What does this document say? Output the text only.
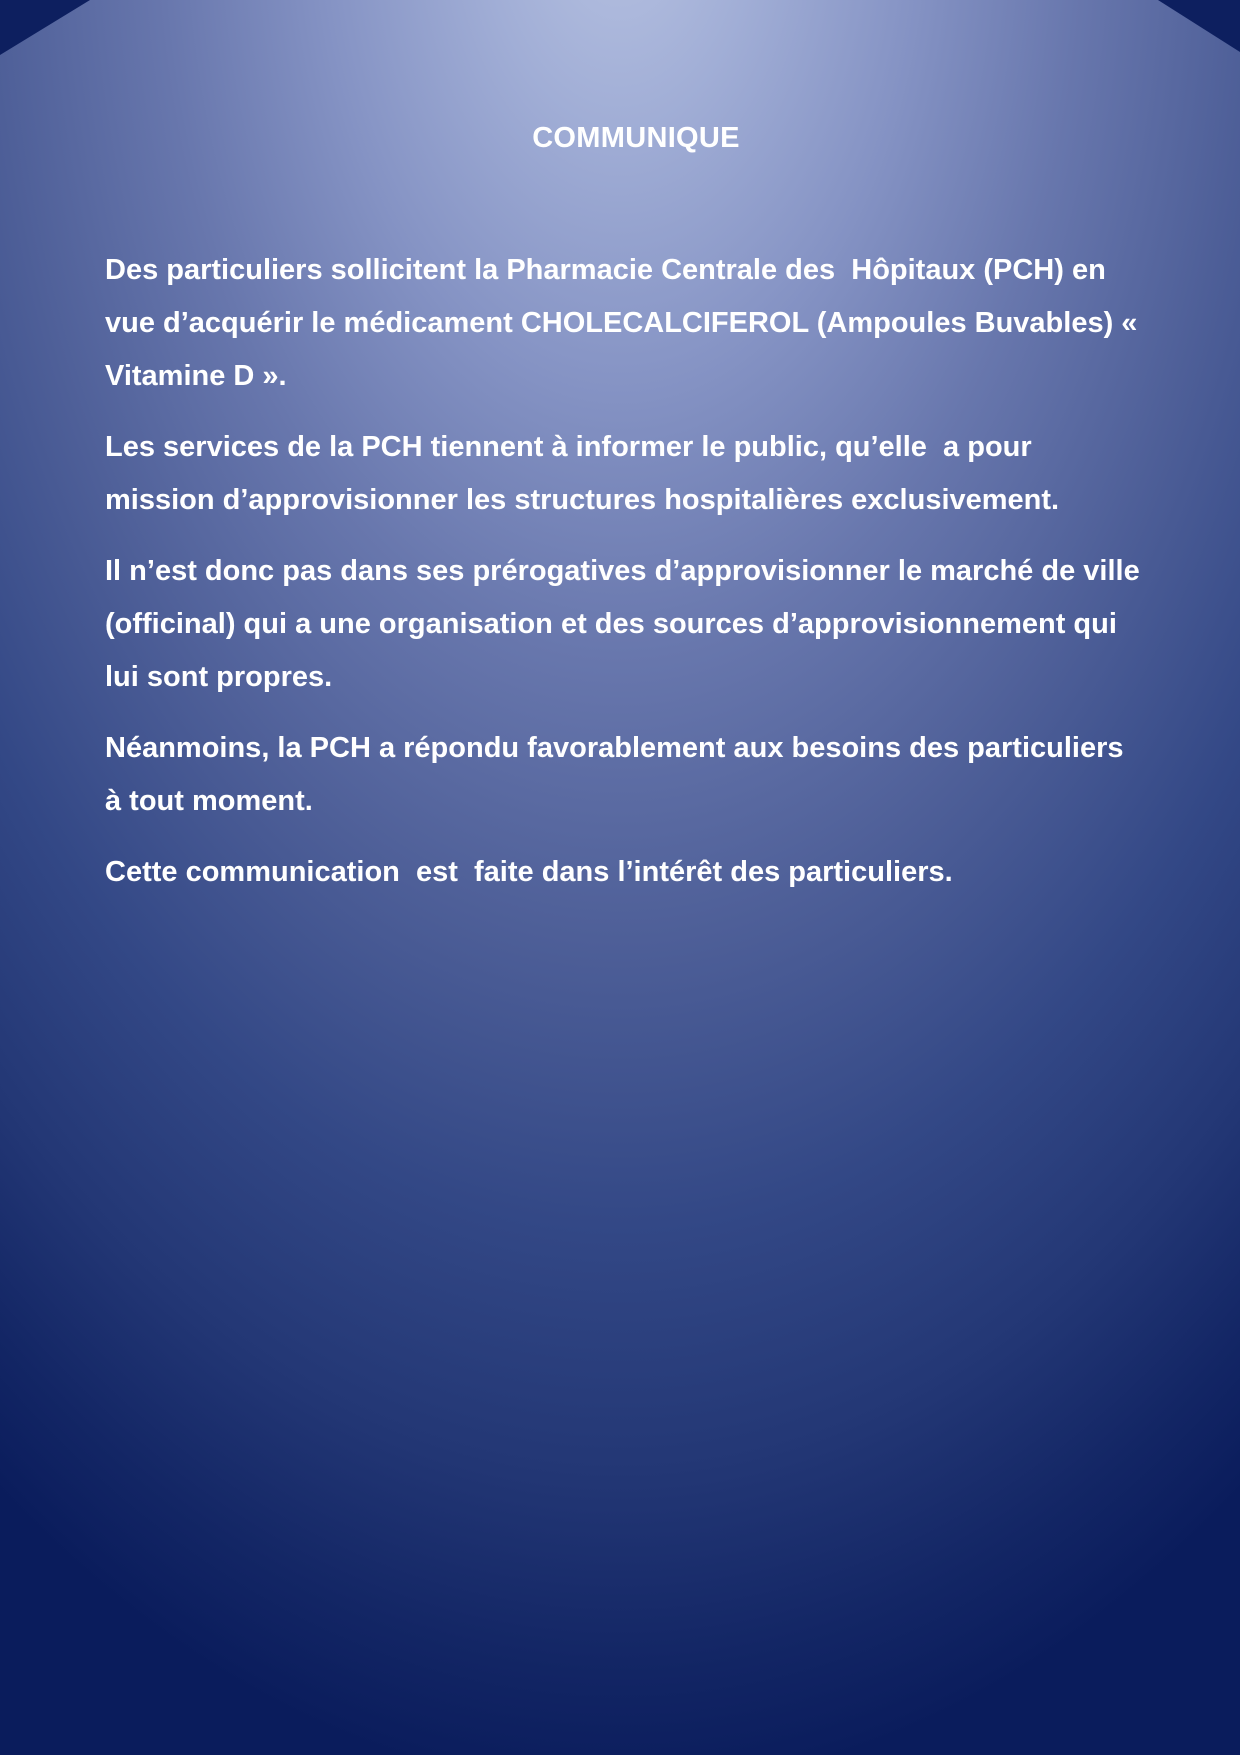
COMMUNIQUE

Des particuliers sollicitent la Pharmacie Centrale des  Hôpitaux (PCH) en vue d’acquérir le médicament CHOLECALCIFEROL (Ampoules Buvables) « Vitamine D ».

Les services de la PCH tiennent à informer le public, qu’elle  a pour mission d’approvisionner les structures hospitalières exclusivement.

Il n’est donc pas dans ses prérogatives d’approvisionner le marché de ville (officinal) qui a une organisation et des sources d’approvisionnement qui lui sont propres.

Néanmoins, la PCH a répondu favorablement aux besoins des particuliers  à tout moment.

Cette communication  est  faite dans l’intérêt des particuliers.
